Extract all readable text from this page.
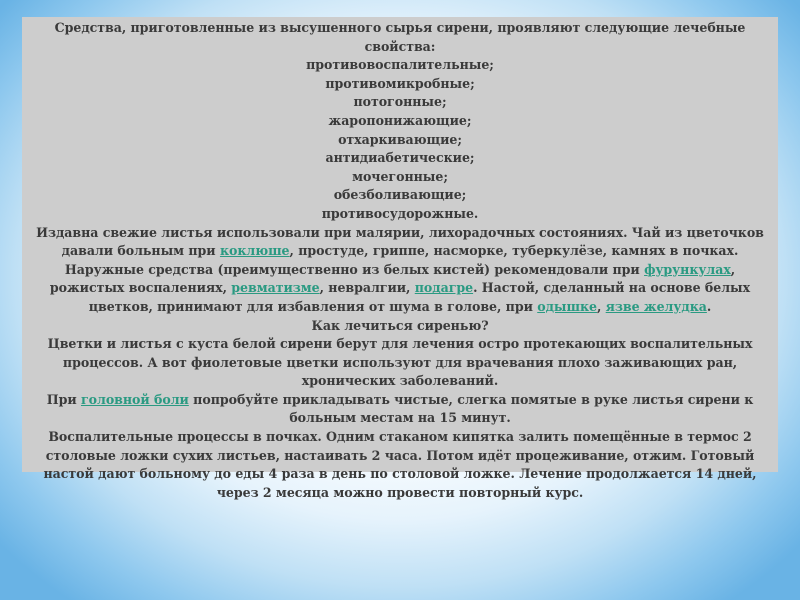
Средства, приготовленные из высушенного сырья сирени, проявляют следующие лечебные свойства:

противовоспалительные;

противомикробные;

потогонные;

жаропонижающие;

отхаркивающие;

антидиабетические;

мочегонные;

обезболивающие;

противосудорожные.

Издавна свежие листья использовали при малярии, лихорадочных состояниях. Чай из цветочков давали больным при коклюше, простуде, гриппе, насморке, туберкулёзе, камнях в почках. Наружные средства (преимущественно из белых кистей) рекомендовали при фурункулах, рожистых воспалениях, ревматизме, невралгии, подагре. Настой, сделанный на основе белых цветков, принимают для избавления от шума в голове, при одышке, язве желудка.

Как лечиться сиренью?

Цветки и листья с куста белой сирени берут для лечения остро протекающих воспалительных процессов. А вот фиолетовые цветки используют для врачевания плохо заживающих ран, хронических заболеваний.

При головной боли попробуйте прикладывать чистые, слегка помятые в руке листья сирени к больным местам на 15 минут.

Воспалительные процессы в почках. Одним стаканом кипятка залить помещённые в термос 2 столовые ложки сухих листьев, настаивать 2 часа. Потом идёт процеживание, отжим. Готовый настой дают больному до еды 4 раза в день по столовой ложке. Лечение продолжается 14 дней, через 2 месяца можно провести повторный курс.
